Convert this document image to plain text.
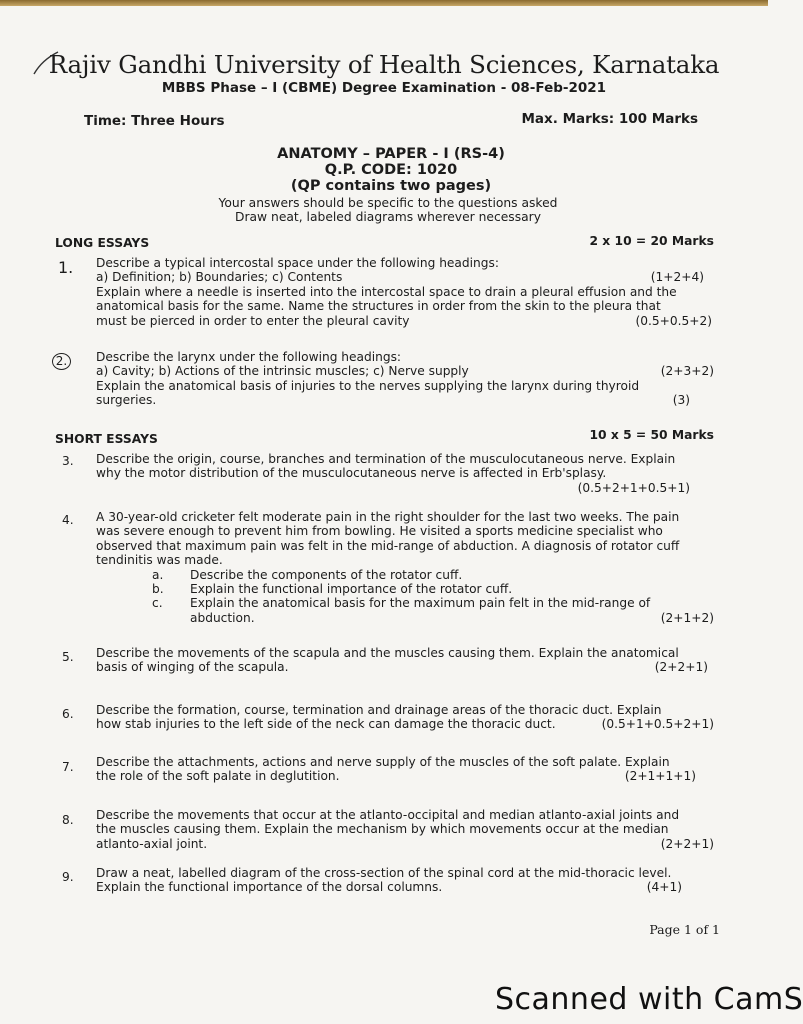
Rajiv Gandhi University of Health Sciences, Karnataka
MBBS Phase – I (CBME) Degree Examination - 08-Feb-2021
Time: Three Hours	Max. Marks: 100 Marks
ANATOMY – PAPER - I (RS-4)
Q.P. CODE: 1020
(QP contains two pages)
Your answers should be specific to the questions asked
Draw neat, labeled diagrams wherever necessary
LONG ESSAYS	2 x 10 = 20 Marks
1. Describe a typical intercostal space under the following headings:
a) Definition; b) Boundaries; c) Contents	(1+2+4)
Explain where a needle is inserted into the intercostal space to drain a pleural effusion and the
anatomical basis for the same. Name the structures in order from the skin to the pleura that
must be pierced in order to enter the pleural cavity	(0.5+0.5+2)
2.	Describe the larynx under the following headings:
a) Cavity; b) Actions of the intrinsic muscles; c) Nerve supply	(2+3+2)
Explain the anatomical basis of injuries to the nerves supplying the larynx during thyroid
surgeries.	(3)
SHORT ESSAYS	10 x 5 = 50 Marks
3. Describe the origin, course, branches and termination of the musculocutaneous nerve. Explain
why the motor distribution of the musculocutaneous nerve is affected in Erb'splasy.
(0.5+2+1+0.5+1)
4. A 30-year-old cricketer felt moderate pain in the right shoulder for the last two weeks. The pain
was severe enough to prevent him from bowling. He visited a sports medicine specialist who
observed that maximum pain was felt in the mid-range of abduction. A diagnosis of rotator cuff
tendinitis was made.
a.	Describe the components of the rotator cuff.
b.	Explain the functional importance of the rotator cuff.
c.	Explain the anatomical basis for the maximum pain felt in the mid-range of
abduction.	(2+1+2)
5. Describe the movements of the scapula and the muscles causing them. Explain the anatomical
basis of winging of the scapula.	(2+2+1)
6. Describe the formation, course, termination and drainage areas of the thoracic duct. Explain
how stab injuries to the left side of the neck can damage the thoracic duct.	(0.5+1+0.5+2+1)
7. Describe the attachments, actions and nerve supply of the muscles of the soft palate. Explain
the role of the soft palate in deglutition.	(2+1+1+1)
8. Describe the movements that occur at the atlanto-occipital and median atlanto-axial joints and
the muscles causing them. Explain the mechanism by which movements occur at the median
atlanto-axial joint.	(2+2+1)
9. Draw a neat, labelled diagram of the cross-section of the spinal cord at the mid-thoracic level.
Explain the functional importance of the dorsal columns.	(4+1)
Page 1 of 1
Scanned with CamS
